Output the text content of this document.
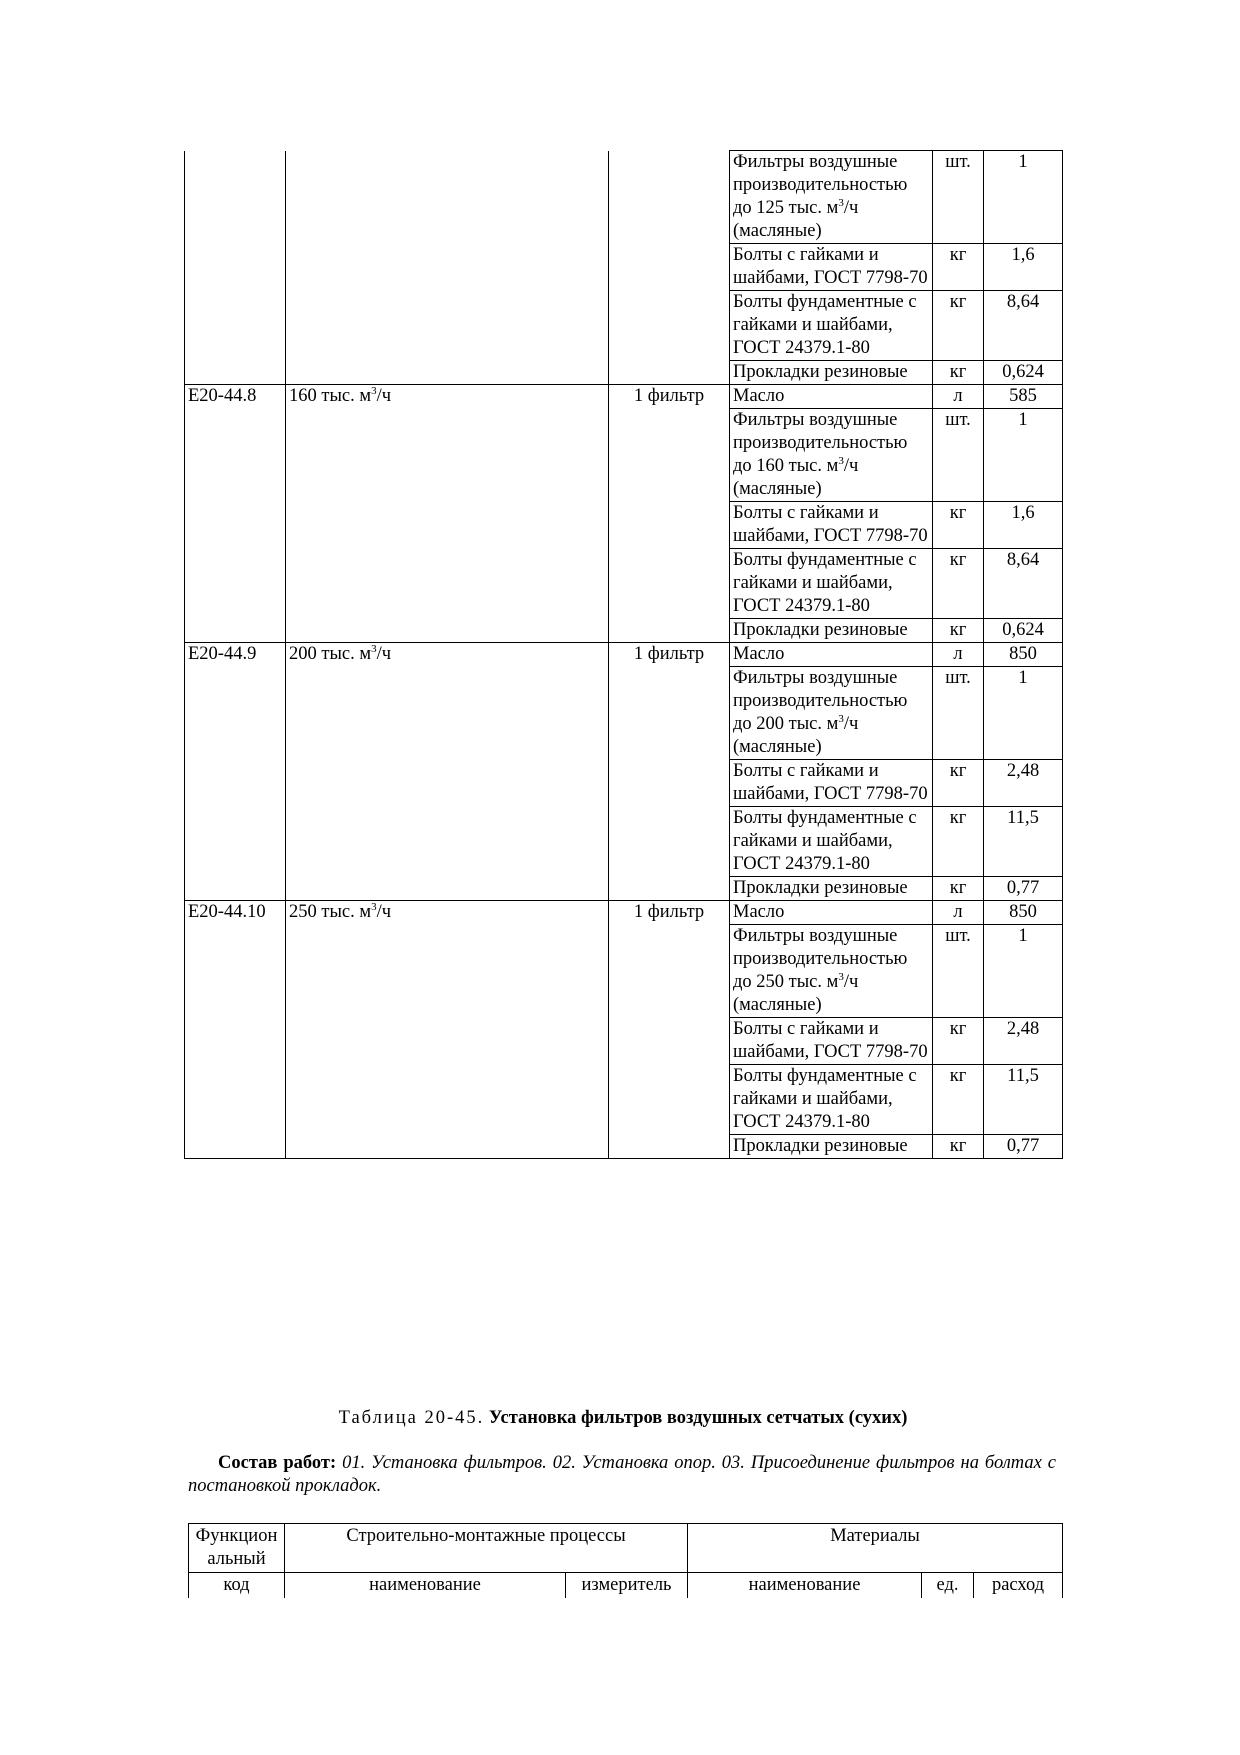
			Фильтры воздушные производительностью до 125 тыс. $м^3/ч$ (масляные)	шт.	1
			Болты с гайками и шайбами, ГОСТ 7798-70	кг	1,6
			Болты фундаментные с гайками и шайбами, ГОСТ 24379.1-80	кг	8,64
			Прокладки резиновые	кг	0,624
Е20-44.8	160 тыс. $м^3/ч$	1 фильтр	Масло	л	585
			Фильтры воздушные производительностью до 160 тыс. $м^3/ч$ (масляные)	шт.	1
			Болты с гайками и шайбами, ГОСТ 7798-70	кг	1,6
			Болты фундаментные с гайками и шайбами, ГОСТ 24379.1-80	кг	8,64
			Прокладки резиновые	кг	0,624
Е20-44.9	200 тыс. $м^3/ч$	1 фильтр	Масло	л	850
			Фильтры воздушные производительностью до 200 тыс. $м^3/ч$ (масляные)	шт.	1
			Болты с гайками и шайбами, ГОСТ 7798-70	кг	2,48
			Болты фундаментные с гайками и шайбами, ГОСТ 24379.1-80	кг	11,5
			Прокладки резиновые	кг	0,77
Е20-44.10	250 тыс. $м^3/ч$	1 фильтр	Масло	л	850
			Фильтры воздушные производительностью до 250 тыс. $м^3/ч$ (масляные)	шт.	1
			Болты с гайками и шайбами, ГОСТ 7798-70	кг	2,48
			Болты фундаментные с гайками и шайбами, ГОСТ 24379.1-80	кг	11,5
			Прокладки резиновые	кг	0,77
Таблица 20-45. Установка фильтров воздушных сетчатых (сухих)
Состав работ: 01. Установка фильтров. 02. Установка опор. 03. Присоединение фильтров на болтах с постановкой прокладок.
Функцион альный	Строительно-монтажные процессы		Материалы		
код	наименование	измеритель	наименование	ед.	расход
